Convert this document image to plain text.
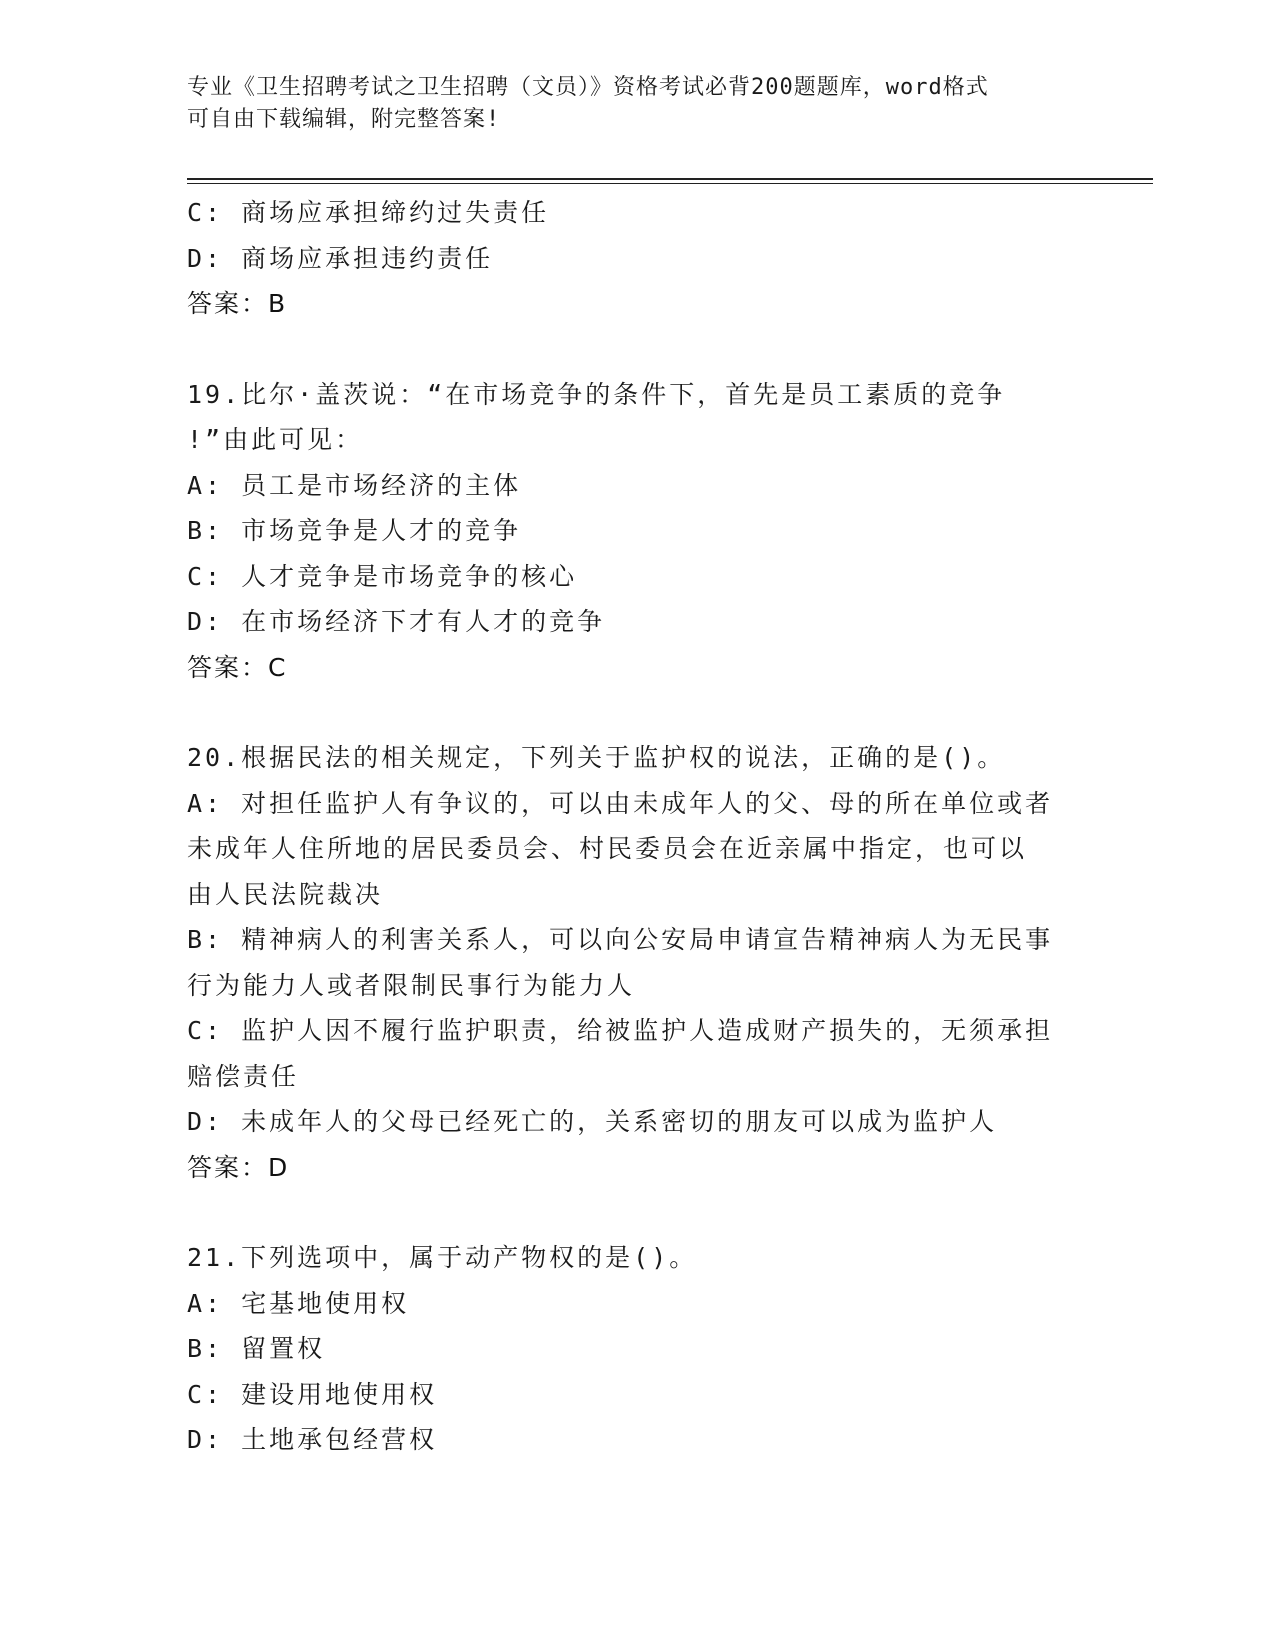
专业《卫生招聘考试之卫生招聘（文员）》资格考试必背200题题库，word格式
可自由下载编辑，附完整答案!
C: 商场应承担缔约过失责任
D: 商场应承担违约责任
答案：B
19.比尔·盖茨说：“在市场竞争的条件下，首先是员工素质的竞争
!”由此可见：
A: 员工是市场经济的主体
B: 市场竞争是人才的竞争
C: 人才竞争是市场竞争的核心
D: 在市场经济下才有人才的竞争
答案：C
20.根据民法的相关规定，下列关于监护权的说法，正确的是()。
A: 对担任监护人有争议的，可以由未成年人的父、母的所在单位或者
未成年人住所地的居民委员会、村民委员会在近亲属中指定，也可以
由人民法院裁决
B: 精神病人的利害关系人，可以向公安局申请宣告精神病人为无民事
行为能力人或者限制民事行为能力人
C: 监护人因不履行监护职责，给被监护人造成财产损失的，无须承担
赔偿责任
D: 未成年人的父母已经死亡的，关系密切的朋友可以成为监护人
答案：D
21.下列选项中，属于动产物权的是()。
A: 宅基地使用权
B: 留置权
C: 建设用地使用权
D: 土地承包经营权
